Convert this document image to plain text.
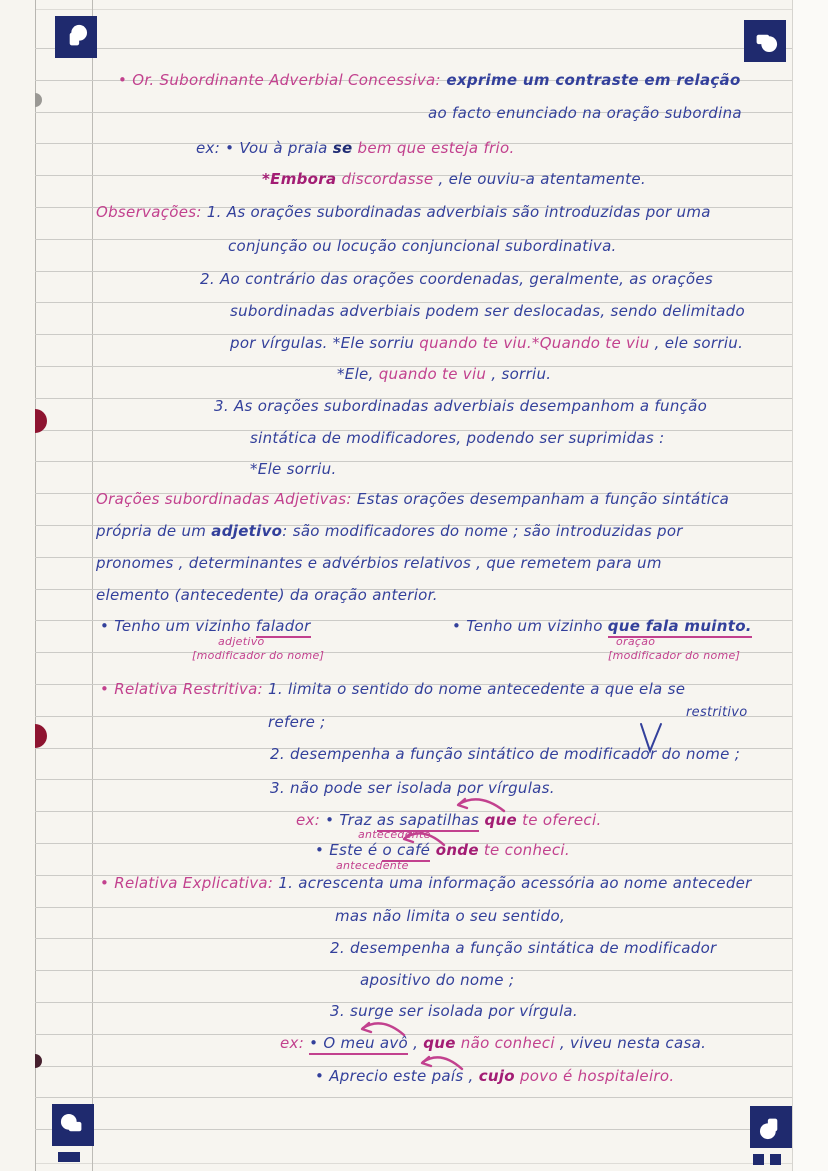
• Or. Subordinante Adverbial Concessiva: exprime um contraste em relação
ao facto enunciado na oração subordina
ex: • Vou à praia se bem que esteja frio.
*Embora discordasse , ele ouviu-a atentamente.
Observações: 1. As orações subordinadas adverbiais são introduzidas por uma
conjunção ou locução conjuncional subordinativa.
2. Ao contrário das orações coordenadas, geralmente, as orações
subordinadas adverbiais podem ser deslocadas, sendo delimitado
por vírgulas. *Ele sorriu quando te viu.*Quando te viu , ele sorriu.
*Ele, quando te viu , sorriu.
3. As orações subordinadas adverbiais desempanhom a função
sintática de modificadores, podendo ser suprimidas :
*Ele sorriu.
Orações subordinadas Adjetivas: Estas orações desempanham a função sintática
própria de um adjetivo: são modificadores do nome ; são introduzidas por
pronomes , determinantes e advérbios relativos , que remetem para um
elemento (antecedente) da oração anterior.
• Tenho um vizinho falador	• Tenho um vizinho que fala muinto.
adjetivo	oração
[modificador do nome]	[modificador do nome]
• Relativa Restritiva: 1. limita o sentido do nome antecedente a que ela se
refere ;
restritivo
2. desempenha a função sintático de modificador do nome ;
3. não pode ser isolada por vírgulas.
ex: • Traz as sapatilhas que te ofereci.
antecedente
• Este é o café onde te conheci.
antecedente
• Relativa Explicativa: 1. acrescenta uma informação acessória ao nome anteceder
mas não limita o seu sentido,
2. desempenha a função sintática de modificador
apositivo do nome ;
3. surge ser isolada por vírgula.
ex: • O meu avô , que não conheci , viveu nesta casa.
• Aprecio este país , cujo povo é hospitaleiro.
